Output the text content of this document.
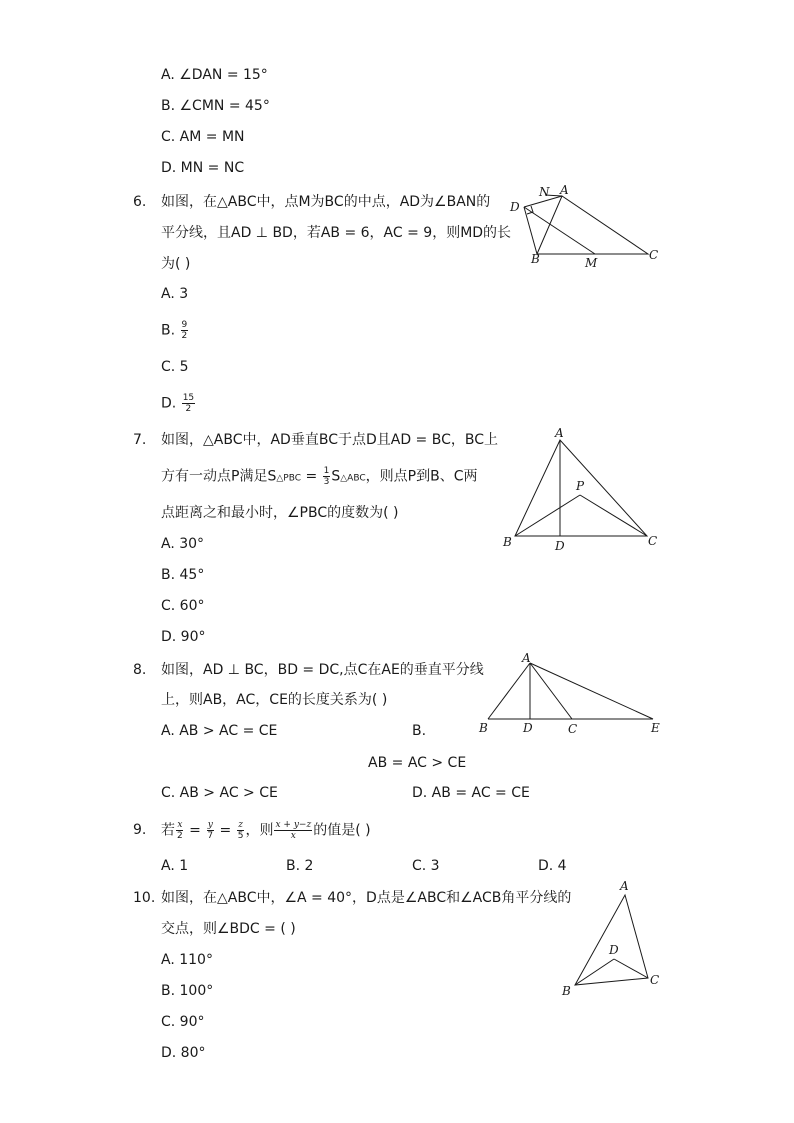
A. ∠DAN = 15°
B. ∠CMN = 45°
C. AM = MN
D. MN = NC
6. 如图，在△ABC中，点M为BC的中点，AD为∠BAN的
平分线，且AD ⊥ BD，若AB = 6，AC = 9，则MD的长
为( )
A. 3
B. $\frac{9}{2}$
C. 5
D. $\frac{15}{2}$
D
N A
B	M
C
7. 如图，△ABC中，AD垂直BC于点D且AD = BC，BC上
方有一动点P满足S△PBC = $\frac{1}{3}$ S△ABC，则点P到B、C两
点距离之和最小时，∠PBC的度数为( )
A. 30°
B. 45°
C. 60°
D. 90°
A
P
B	D	C
8. 如图，AD ⊥ BC，BD = DC,点C在AE的垂直平分线
上，则AB，AC，CE的长度关系为( )
A. AB > AC = CE	B.
AB = AC > CE
C. AB > AC > CE	D. AB = AC = CE
A
B	D	C	E
9. 若 $\frac{x}{2} = \frac{y}{7} = \frac{z}{5}$ ，则 $\frac{x + y-z}{x}$ 的值是( )
A. 1	B. 2	C. 3	D. 4
10. 如图，在△ABC中，∠A = 40°，D点是∠ABC和∠ACB角平分线的
交点，则∠BDC = ( )
A. 110°
B. 100°
C. 90°
D. 80°
A
D
B
C
